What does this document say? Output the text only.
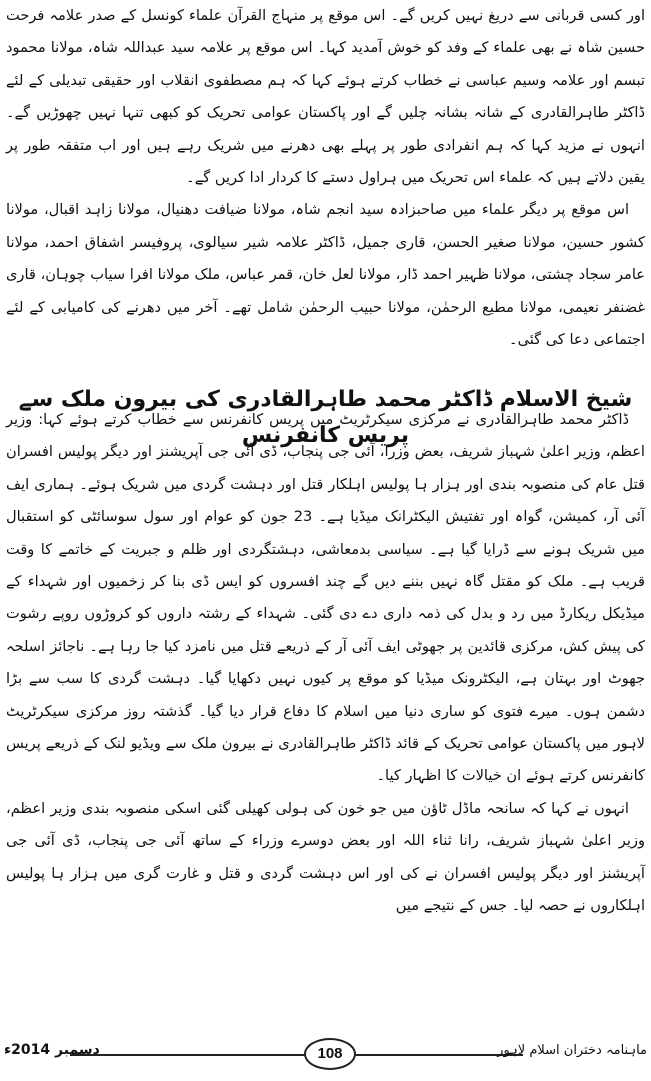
اور کسی قربانی سے دریغ نہیں کریں گے۔ اس موقع پر منہاج القرآن علماء کونسل کے صدر علامہ فرحت حسین شاہ نے بھی علماء کے وفد کو خوش آمدید کہا۔ اس موقع پر علامہ سید عبداللہ شاہ، مولانا محمود تبسم اور علامہ وسیم عباسی نے خطاب کرتے ہوئے کہا کہ ہم مصطفوی انقلاب اور حقیقی تبدیلی کے لئے ڈاکٹر طاہرالقادری کے شانہ بشانہ چلیں گے اور پاکستان عوامی تحریک کو کبھی تنہا نہیں چھوڑیں گے۔ انہوں نے مزید کہا کہ ہم انفرادی طور پر پہلے بھی دھرنے میں شریک رہے ہیں اور اب متفقہ طور پر یقین دلاتے ہیں کہ علماء اس تحریک میں ہراول دستے کا کردار ادا کریں گے۔

اس موقع پر دیگر علماء میں صاحبزادہ سید انجم شاہ، مولانا ضیافت دھنیال، مولانا زاہد اقبال، مولانا کشور حسین، مولانا صغیر الحسن، قاری جمیل، ڈاکٹر علامہ شیر سیالوی، پروفیسر اشفاق احمد، مولانا عامر سجاد چشتی، مولانا ظہیر احمد ڈار، مولانا لعل خان، قمر عباس، ملک مولانا افرا سیاب چوہان، قاری غضنفر نعیمی، مولانا مطیع الرحمٰن، مولانا حبیب الرحمٰن شامل تھے۔ آخر میں دھرنے کی کامیابی کے لئے اجتماعی دعا کی گئی۔

شیخ الاسلام ڈاکٹر محمد طاہرالقادری کی بیرون ملک سے پریس کانفرنس

ڈاکٹر محمد طاہرالقادری نے مرکزی سیکرٹریٹ میں پریس کانفرنس سے خطاب کرتے ہوئے کہا: وزیر اعظم، وزیر اعلیٰ شہباز شریف، بعض وزرا، آئی جی پنجاب، ڈی آئی جی آپریشنز اور دیگر پولیس افسران قتل عام کی منصوبہ بندی اور ہزار ہا پولیس اہلکار قتل اور دہشت گردی میں شریک ہوئے۔ ہماری ایف آئی آر، کمیشن، گواہ اور تفتیش الیکٹرانک میڈیا ہے۔ 23 جون کو عوام اور سول سوسائٹی کو استقبال میں شریک ہونے سے ڈرایا گیا ہے۔ سیاسی بدمعاشی، دہشتگردی اور ظلم و جبریت کے خاتمے کا وقت قریب ہے۔ ملک کو مقتل گاہ نہیں بننے دیں گے چند افسروں کو ایس ڈی بنا کر زخمیوں اور شہداء کے میڈیکل ریکارڈ میں رد و بدل کی ذمہ داری دے دی گئی۔ شہداء کے رشتہ داروں کو کروڑوں روپے رشوت کی پیش کش، مرکزی قائدین پر جھوٹی ایف آئی آر کے ذریعے قتل میں نامزد کیا جا رہا ہے۔ ناجائز اسلحہ جھوٹ اور بہتان ہے، الیکٹرونک میڈیا کو موقع پر کیوں نہیں دکھایا گیا۔ دہشت گردی کا سب سے بڑا دشمن ہوں۔ میرے فتوی کو ساری دنیا میں اسلام کا دفاع قرار دیا گیا۔ گذشتہ روز مرکزی سیکرٹریٹ لاہور میں پاکستان عوامی تحریک کے قائد ڈاکٹر طاہرالقادری نے بیرون ملک سے ویڈیو لنک کے ذریعے پریس کانفرنس کرتے ہوئے ان خیالات کا اظہار کیا۔

انہوں نے کہا کہ سانحہ ماڈل ٹاؤن میں جو خون کی ہولی کھیلی گئی اسکی منصوبہ بندی وزیر اعظم، وزیر اعلیٰ شہباز شریف، رانا ثناء اللہ اور بعض دوسرے وزراء کے ساتھ آئی جی پنجاب، ڈی آئی جی آپریشنز اور دیگر پولیس افسران نے کی اور اس دہشت گردی و قتل و غارت گری میں ہزار ہا پولیس اہلکاروں نے حصہ لیا۔ جس کے نتیجے میں

108
دسمبر 2014ء	ماہنامہ دختران اسلام لاہور
